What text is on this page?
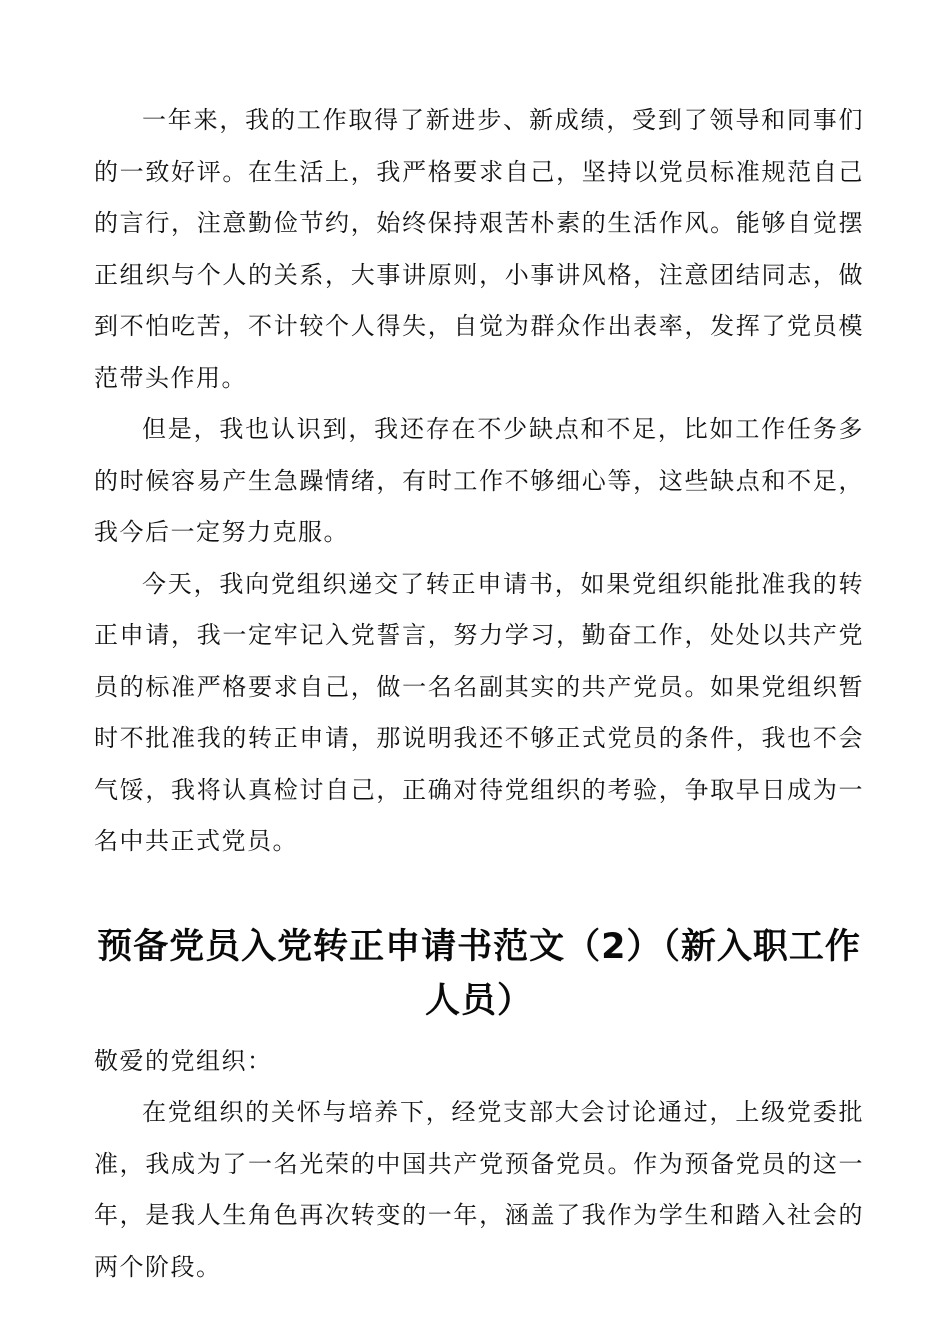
一年来，我的工作取得了新进步、新成绩，受到了领导和同事们的一致好评。在生活上，我严格要求自己，坚持以党员标准规范自己的言行，注意勤俭节约，始终保持艰苦朴素的生活作风。能够自觉摆正组织与个人的关系，大事讲原则，小事讲风格，注意团结同志，做到不怕吃苦，不计较个人得失，自觉为群众作出表率，发挥了党员模范带头作用。

但是，我也认识到，我还存在不少缺点和不足，比如工作任务多的时候容易产生急躁情绪，有时工作不够细心等，这些缺点和不足，我今后一定努力克服。

今天，我向党组织递交了转正申请书，如果党组织能批准我的转正申请，我一定牢记入党誓言，努力学习，勤奋工作，处处以共产党员的标准严格要求自己，做一名名副其实的共产党员。如果党组织暂时不批准我的转正申请，那说明我还不够正式党员的条件，我也不会气馁，我将认真检讨自己，正确对待党组织的考验，争取早日成为一名中共正式党员。

预备党员入党转正申请书范文（2）（新入职工作人员）

敬爱的党组织：

在党组织的关怀与培养下，经党支部大会讨论通过，上级党委批准，我成为了一名光荣的中国共产党预备党员。作为预备党员的这一年，是我人生角色再次转变的一年，涵盖了我作为学生和踏入社会的两个阶段。
